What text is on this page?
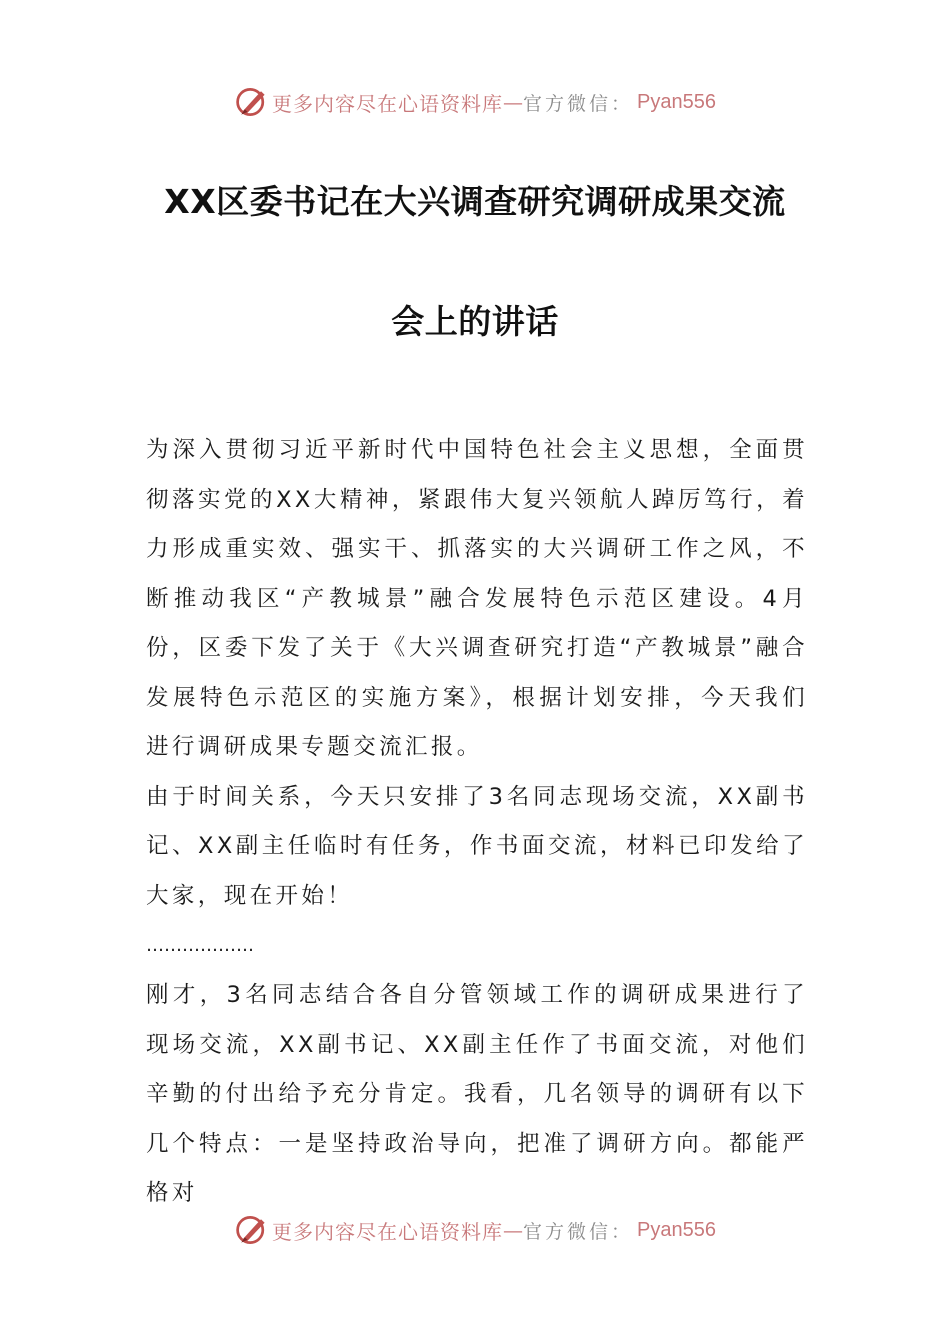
更多内容尽在心语资料库 — 官方微信： Pyan556
XX区委书记在大兴调查研究调研成果交流
会上的讲话

为深入贯彻习近平新时代中国特色社会主义思想，全面贯彻落实党的XX大精神，紧跟伟大复兴领航人踔厉笃行，着力形成重实效、强实干、抓落实的大兴调研工作之风，不断推动我区“产教城景”融合发展特色示范区建设。4月份，区委下发了关于《大兴调查研究打造“产教城景”融合发展特色示范区的实施方案》，根据计划安排，今天我们进行调研成果专题交流汇报。

由于时间关系，今天只安排了3名同志现场交流，XX副书记、XX副主任临时有任务，作书面交流，材料已印发给了大家，现在开始！

………………

刚才，3名同志结合各自分管领域工作的调研成果进行了现场交流，XX副书记、XX副主任作了书面交流，对他们辛勤的付出给予充分肯定。我看，几名领导的调研有以下几个特点：一是坚持政治导向，把准了调研方向。都能严格对

更多内容尽在心语资料库 — 官方微信： Pyan556
